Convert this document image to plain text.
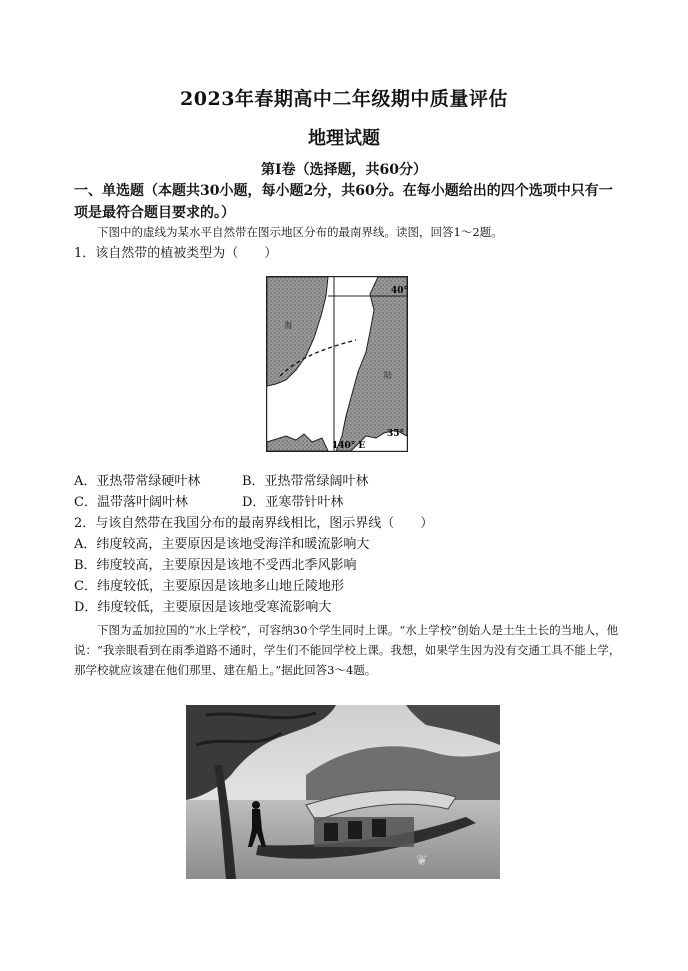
2023年春期高中二年级期中质量评估
地理试题
第Ⅰ卷（选择题，共60分）
一、单选题（本题共30小题，每小题2分，共60分。在每小题给出的四个选项中只有一项是最符合题目要求的。）
下图中的虚线为某水平自然带在图示地区分布的最南界线。读图，回答1～2题。
1．该自然带的植被类型为（　　）
40°
35°
140° E
海
陆
A．亚热带常绿硬叶林	B．亚热带常绿阔叶林
C．温带落叶阔叶林	D．亚寒带针叶林
2．与该自然带在我国分布的最南界线相比，图示界线（　　）
A．纬度较高，主要原因是该地受海洋和暖流影响大
B．纬度较高，主要原因是该地不受西北季风影响
C．纬度较低，主要原因是该地多山地丘陵地形
D．纬度较低，主要原因是该地受寒流影响大
下图为孟加拉国的“水上学校”，可容纳30个学生同时上课。“水上学校”创始人是土生土长的当地人，他说：“我亲眼看到在雨季道路不通时，学生们不能回学校上课。我想，如果学生因为没有交通工具不能上学，那学校就应该建在他们那里、建在船上。”据此回答3～4题。
❦
